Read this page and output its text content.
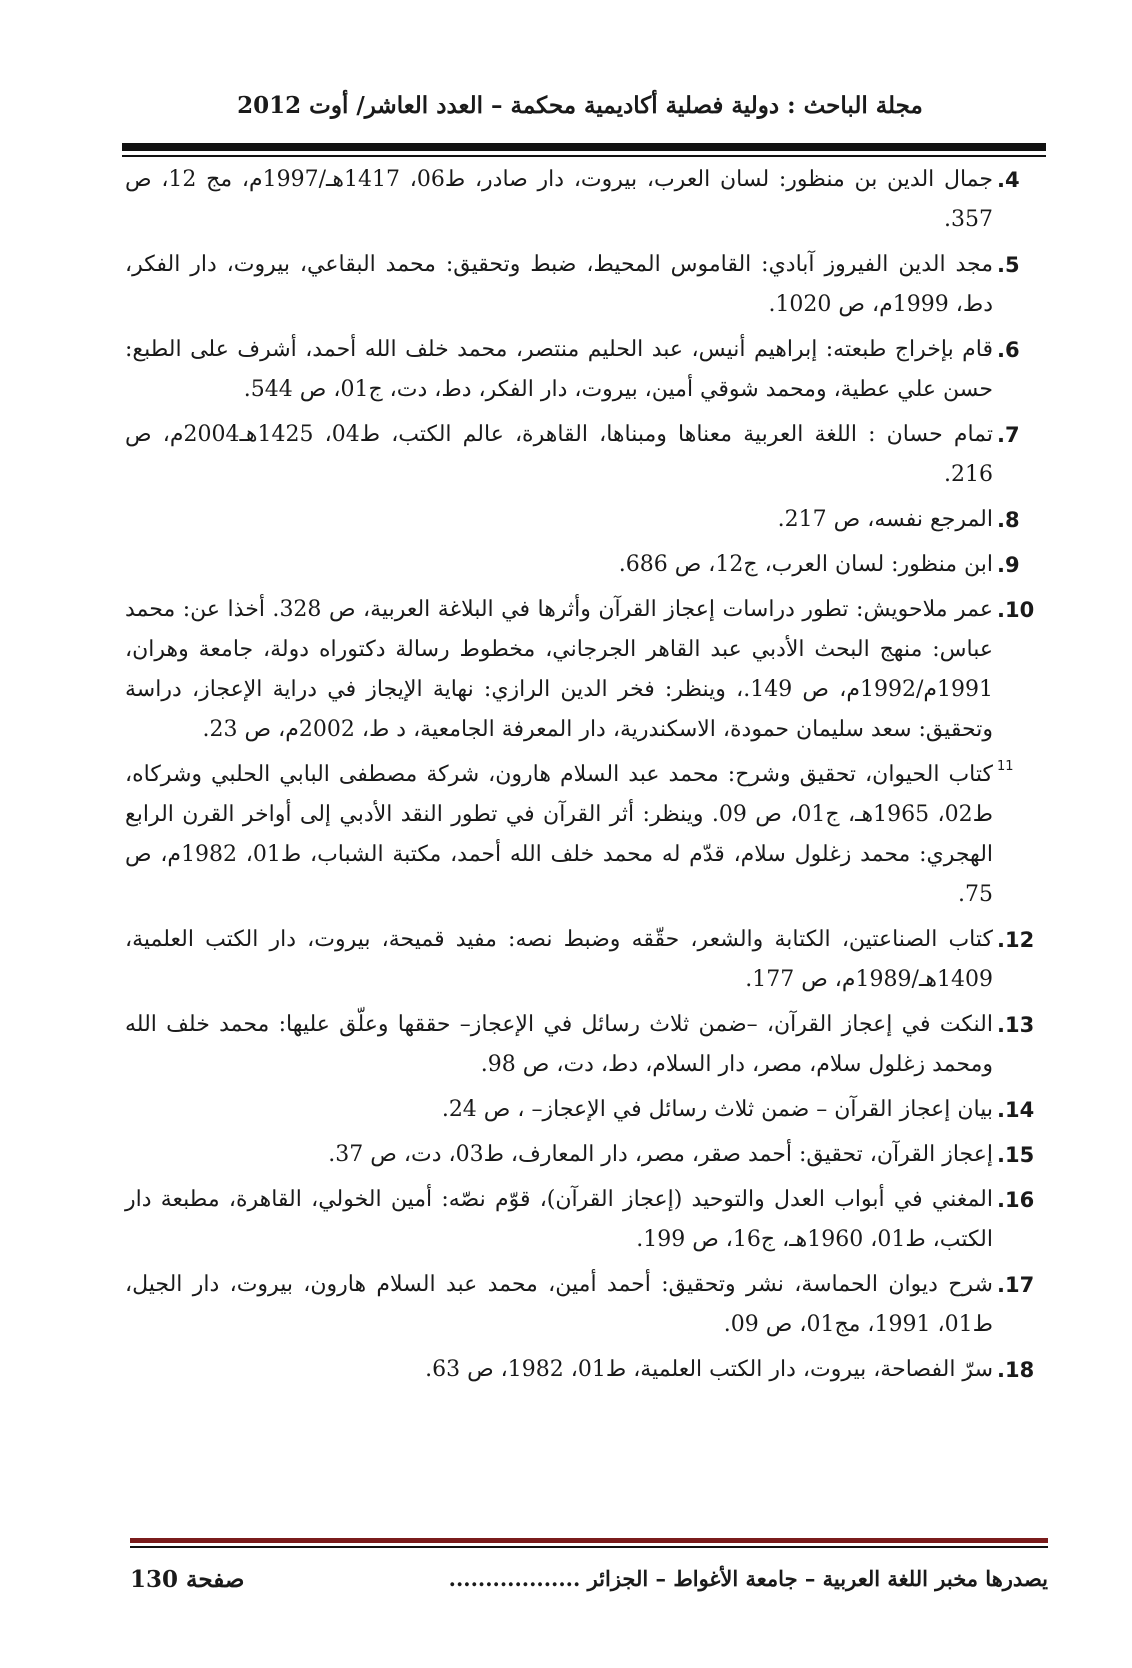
مجلة الباحث : دولية فصلية أكاديمية محكمة – العدد العاشر/ أوت 2012
4.
جمال الدين بن منظور: لسان العرب، بيروت، دار صادر، ط06، 1417هـ/1997م، مج 12، ص 357.
5.
مجد الدين الفيروز آبادي: القاموس المحيط، ضبط وتحقيق: محمد البقاعي، بيروت، دار الفكر، دط، 1999م، ص 1020.
6.
قام بإخراج طبعته: إبراهيم أنيس، عبد الحليم منتصر، محمد خلف الله أحمد، أشرف على الطبع: حسن علي عطية، ومحمد شوقي أمين، بيروت، دار الفكر، دط، دت، ج01، ص 544.
7.
تمام حسان : اللغة العربية معناها ومبناها، القاهرة، عالم الكتب، ط04، 1425هـ2004م، ص 216.
8.
المرجع نفسه، ص 217.
9.
ابن منظور: لسان العرب، ج12، ص 686.
10.
عمر ملاحويش: تطور دراسات إعجاز القرآن وأثرها في البلاغة العربية، ص 328. أخذا عن: محمد عباس: منهج البحث الأدبي عبد القاهر الجرجاني، مخطوط رسالة دكتوراه دولة، جامعة وهران، 1991م/1992م، ص 149.، وينظر: فخر الدين الرازي: نهاية الإيجاز في دراية الإعجاز، دراسة وتحقيق: سعد سليمان حمودة، الاسكندرية، دار المعرفة الجامعية، د ط، 2002م، ص 23.
11
كتاب الحيوان، تحقيق وشرح: محمد عبد السلام هارون، شركة مصطفى البابي الحلبي وشركاه، ط02، 1965هـ، ج01، ص 09. وينظر: أثر القرآن في تطور النقد الأدبي إلى أواخر القرن الرابع الهجري: محمد زغلول سلام، قدّم له محمد خلف الله أحمد، مكتبة الشباب، ط01، 1982م، ص 75.
12.
كتاب الصناعتين، الكتابة والشعر، حقّقه وضبط نصه: مفيد قميحة، بيروت، دار الكتب العلمية، 1409هـ/1989م، ص 177.
13.
النكت في إعجاز القرآن، –ضمن ثلاث رسائل في الإعجاز– حققها وعلّق عليها: محمد خلف الله ومحمد زغلول سلام، مصر، دار السلام، دط، دت، ص 98.
14.
بيان إعجاز القرآن – ضمن ثلاث رسائل في الإعجاز– ، ص 24.
15.
إعجاز القرآن، تحقيق: أحمد صقر، مصر، دار المعارف، ط03، دت، ص 37.
16.
المغني في أبواب العدل والتوحيد (إعجاز القرآن)، قوّم نصّه: أمين الخولي، القاهرة، مطبعة دار الكتب، ط01، 1960هـ، ج16، ص 199.
17.
شرح ديوان الحماسة، نشر وتحقيق: أحمد أمين، محمد عبد السلام هارون، بيروت، دار الجيل، ط01، 1991، مج01، ص 09.
18.
سرّ الفصاحة، بيروت، دار الكتب العلمية، ط01، 1982، ص 63.
يصدرها مخبر اللغة العربية – جامعة الأغواط – الجزائر ..................
صفحة 130
